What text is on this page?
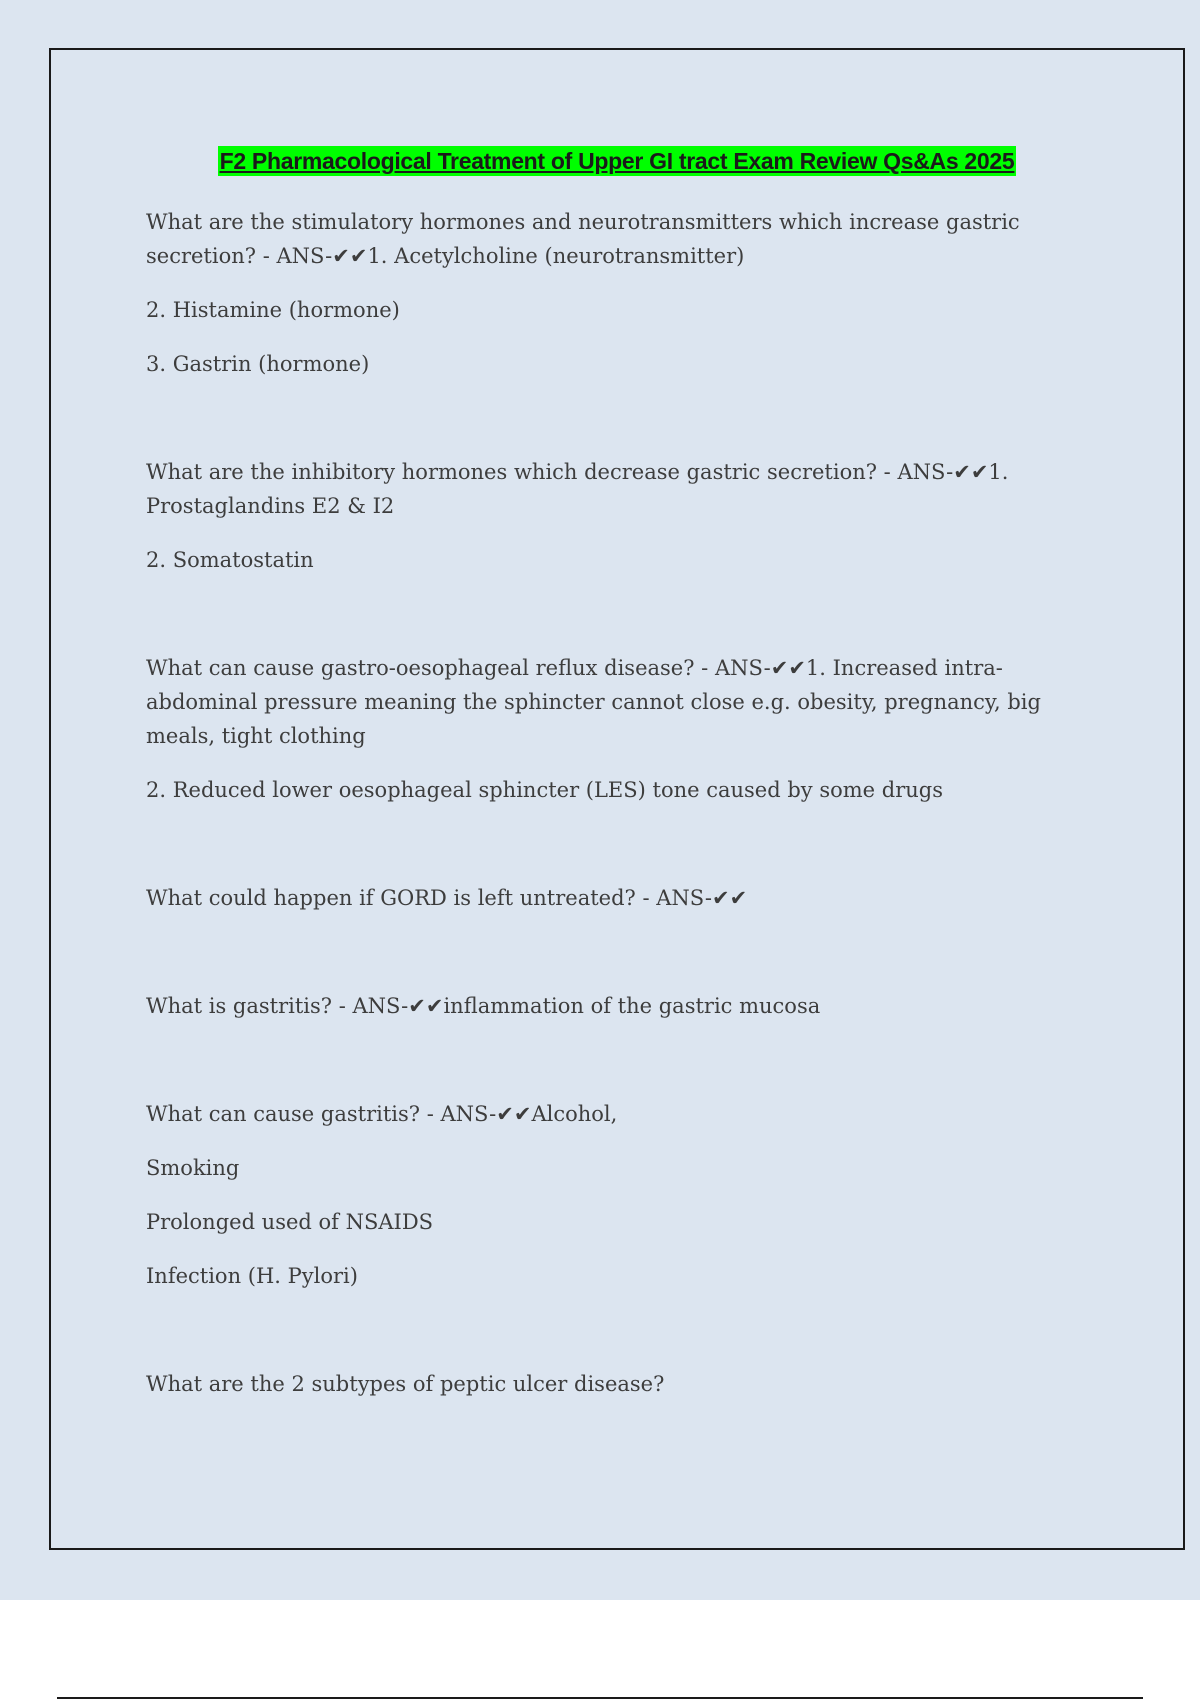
F2 Pharmacological Treatment of Upper GI tract Exam Review Qs&As 2025
What are the stimulatory hormones and neurotransmitters which increase gastric secretion? - ANS-✔✔1. Acetylcholine (neurotransmitter)
2. Histamine (hormone)
3. Gastrin (hormone)
What are the inhibitory hormones which decrease gastric secretion? - ANS-✔✔1. Prostaglandins E2 & I2
2. Somatostatin
What can cause gastro-oesophageal reflux disease? - ANS-✔✔1. Increased intra-abdominal pressure meaning the sphincter cannot close e.g. obesity, pregnancy, big meals, tight clothing
2. Reduced lower oesophageal sphincter (LES) tone caused by some drugs
What could happen if GORD is left untreated? - ANS-✔✔
What is gastritis? - ANS-✔✔inflammation of the gastric mucosa
What can cause gastritis? - ANS-✔✔Alcohol,
Smoking
Prolonged used of NSAIDS
Infection (H. Pylori)
What are the 2 subtypes of peptic ulcer disease?
